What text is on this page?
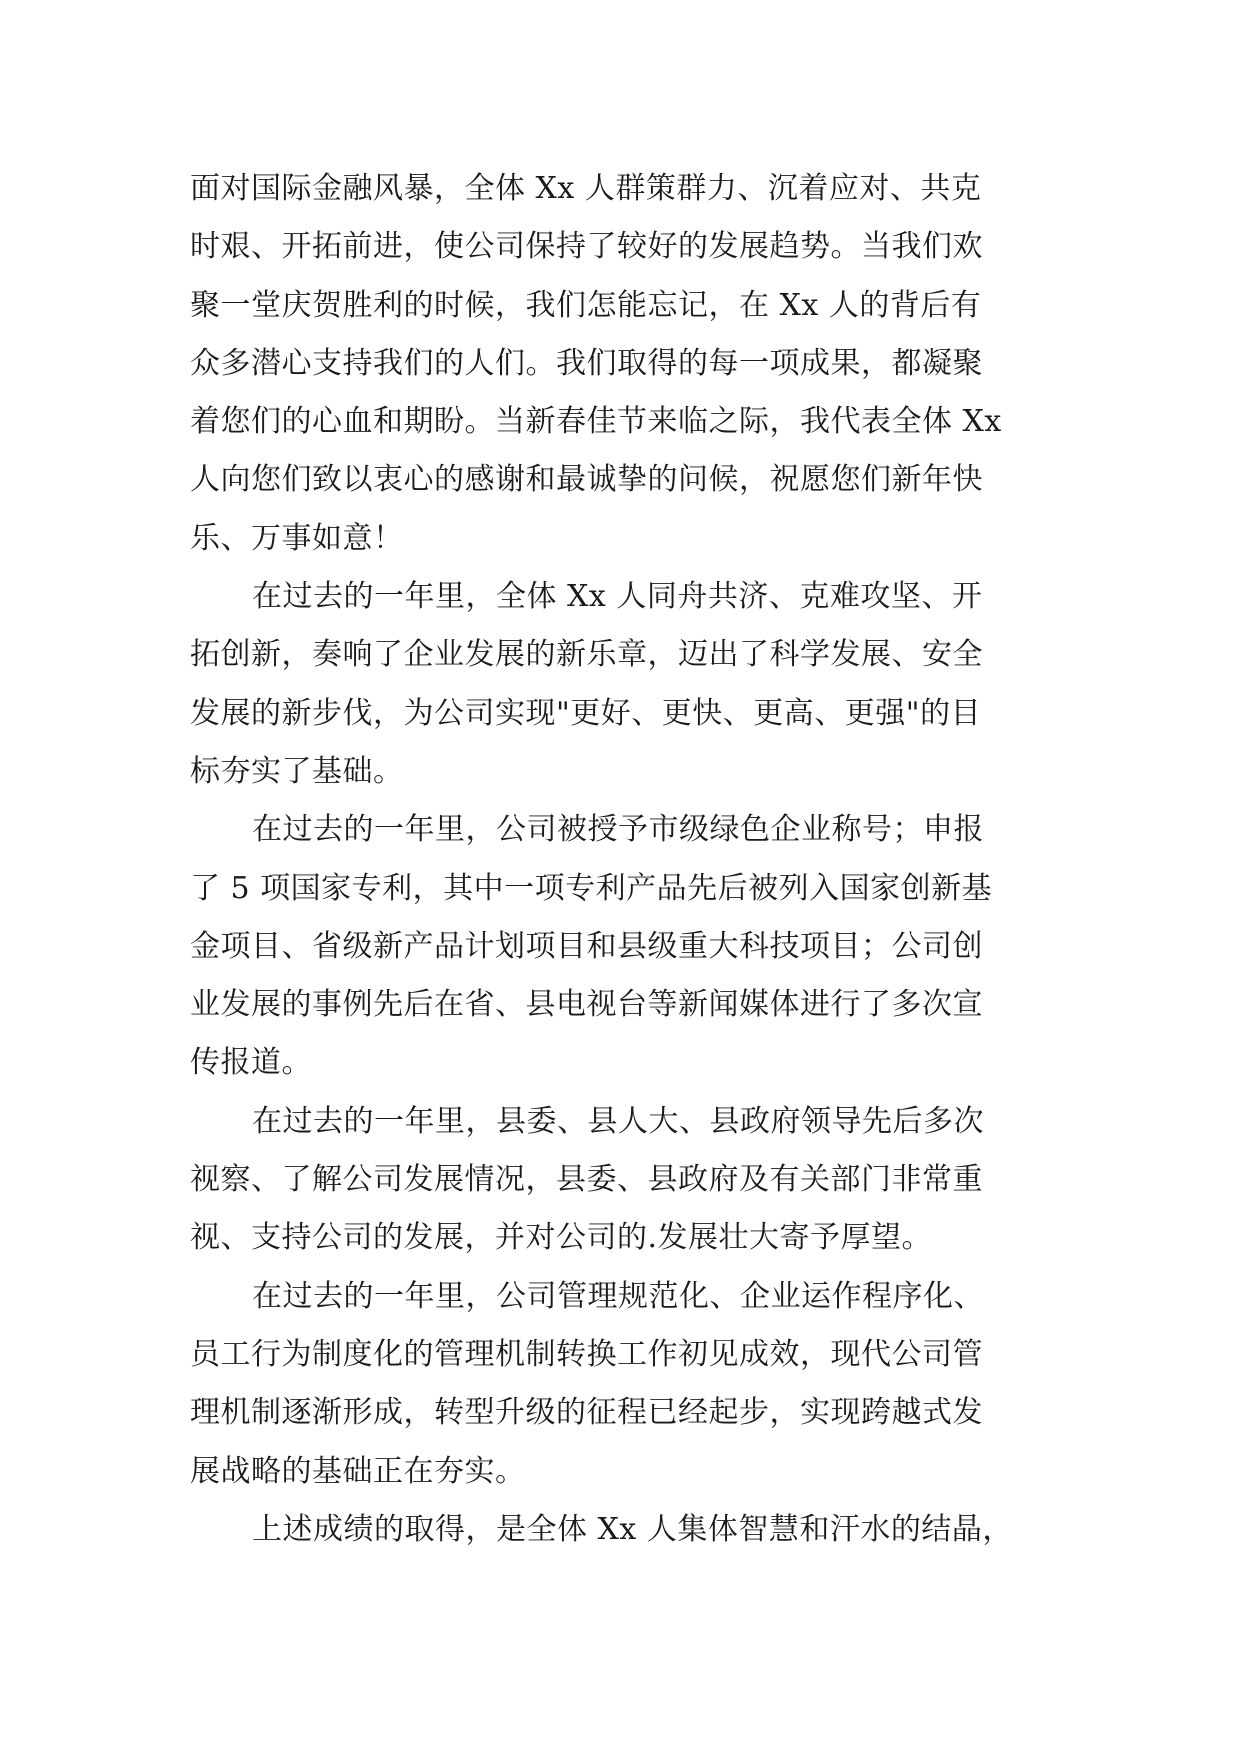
面对国际金融风暴，全体 Xx 人群策群力、沉着应对、共克
时艰、开拓前进，使公司保持了较好的发展趋势。当我们欢
聚一堂庆贺胜利的时候，我们怎能忘记，在 Xx 人的背后有
众多潜心支持我们的人们。我们取得的每一项成果，都凝聚
着您们的心血和期盼。当新春佳节来临之际，我代表全体 Xx
人向您们致以衷心的感谢和最诚挚的问候，祝愿您们新年快
乐、万事如意！
在过去的一年里，全体 Xx 人同舟共济、克难攻坚、开
拓创新，奏响了企业发展的新乐章，迈出了科学发展、安全
发展的新步伐，为公司实现"更好、更快、更高、更强"的目
标夯实了基础。
在过去的一年里，公司被授予市级绿色企业称号；申报
了 5 项国家专利，其中一项专利产品先后被列入国家创新基
金项目、省级新产品计划项目和县级重大科技项目；公司创
业发展的事例先后在省、县电视台等新闻媒体进行了多次宣
传报道。
在过去的一年里，县委、县人大、县政府领导先后多次
视察、了解公司发展情况，县委、县政府及有关部门非常重
视、支持公司的发展，并对公司的.发展壮大寄予厚望。
在过去的一年里，公司管理规范化、企业运作程序化、
员工行为制度化的管理机制转换工作初见成效，现代公司管
理机制逐渐形成，转型升级的征程已经起步，实现跨越式发
展战略的基础正在夯实。
上述成绩的取得，是全体 Xx 人集体智慧和汗水的结晶，
